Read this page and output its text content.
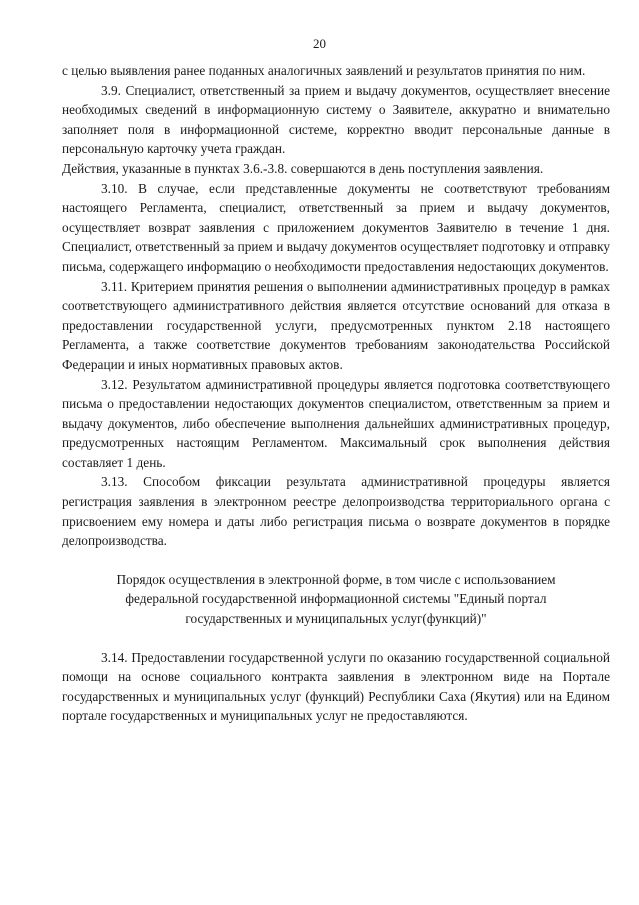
20

с целью выявления ранее поданных аналогичных заявлений и результатов принятия по ним.

3.9. Специалист, ответственный за прием и выдачу документов, осуществляет внесение необходимых сведений в информационную систему о Заявителе, аккуратно и внимательно заполняет поля в информационной системе, корректно вводит персональные данные в персональную карточку учета граждан.

Действия, указанные в пунктах 3.6.-3.8. совершаются в день поступления заявления.

3.10. В случае, если представленные документы не соответствуют требованиям настоящего Регламента, специалист, ответственный за прием и выдачу документов, осуществляет возврат заявления с приложением документов Заявителю в течение 1 дня. Специалист, ответственный за прием и выдачу документов осуществляет подготовку и отправку письма, содержащего информацию о необходимости предоставления недостающих документов.

3.11. Критерием принятия решения о выполнении административных процедур в рамках соответствующего административного действия является отсутствие оснований для отказа в предоставлении государственной услуги, предусмотренных пунктом 2.18 настоящего Регламента, а также соответствие документов требованиям законодательства Российской Федерации и иных нормативных правовых актов.

3.12. Результатом административной процедуры является подготовка соответствующего письма о предоставлении недостающих документов специалистом, ответственным за прием и выдачу документов, либо обеспечение выполнения дальнейших административных процедур, предусмотренных настоящим Регламентом. Максимальный срок выполнения действия составляет 1 день.

3.13. Способом фиксации результата административной процедуры является регистрация заявления в электронном реестре делопроизводства территориального органа с присвоением ему номера и даты либо регистрация письма о возврате документов в порядке делопроизводства.

Порядок осуществления в электронной форме, в том числе с использованием
федеральной государственной информационной системы "Единый портал
государственных и муниципальных услуг(функций)"

3.14. Предоставлении государственной услуги по оказанию государственной социальной помощи на основе социального контракта заявления в электронном виде на Портале государственных и муниципальных услуг (функций) Республики Саха (Якутия) или на Едином портале государственных и муниципальных услуг не предоставляются.
